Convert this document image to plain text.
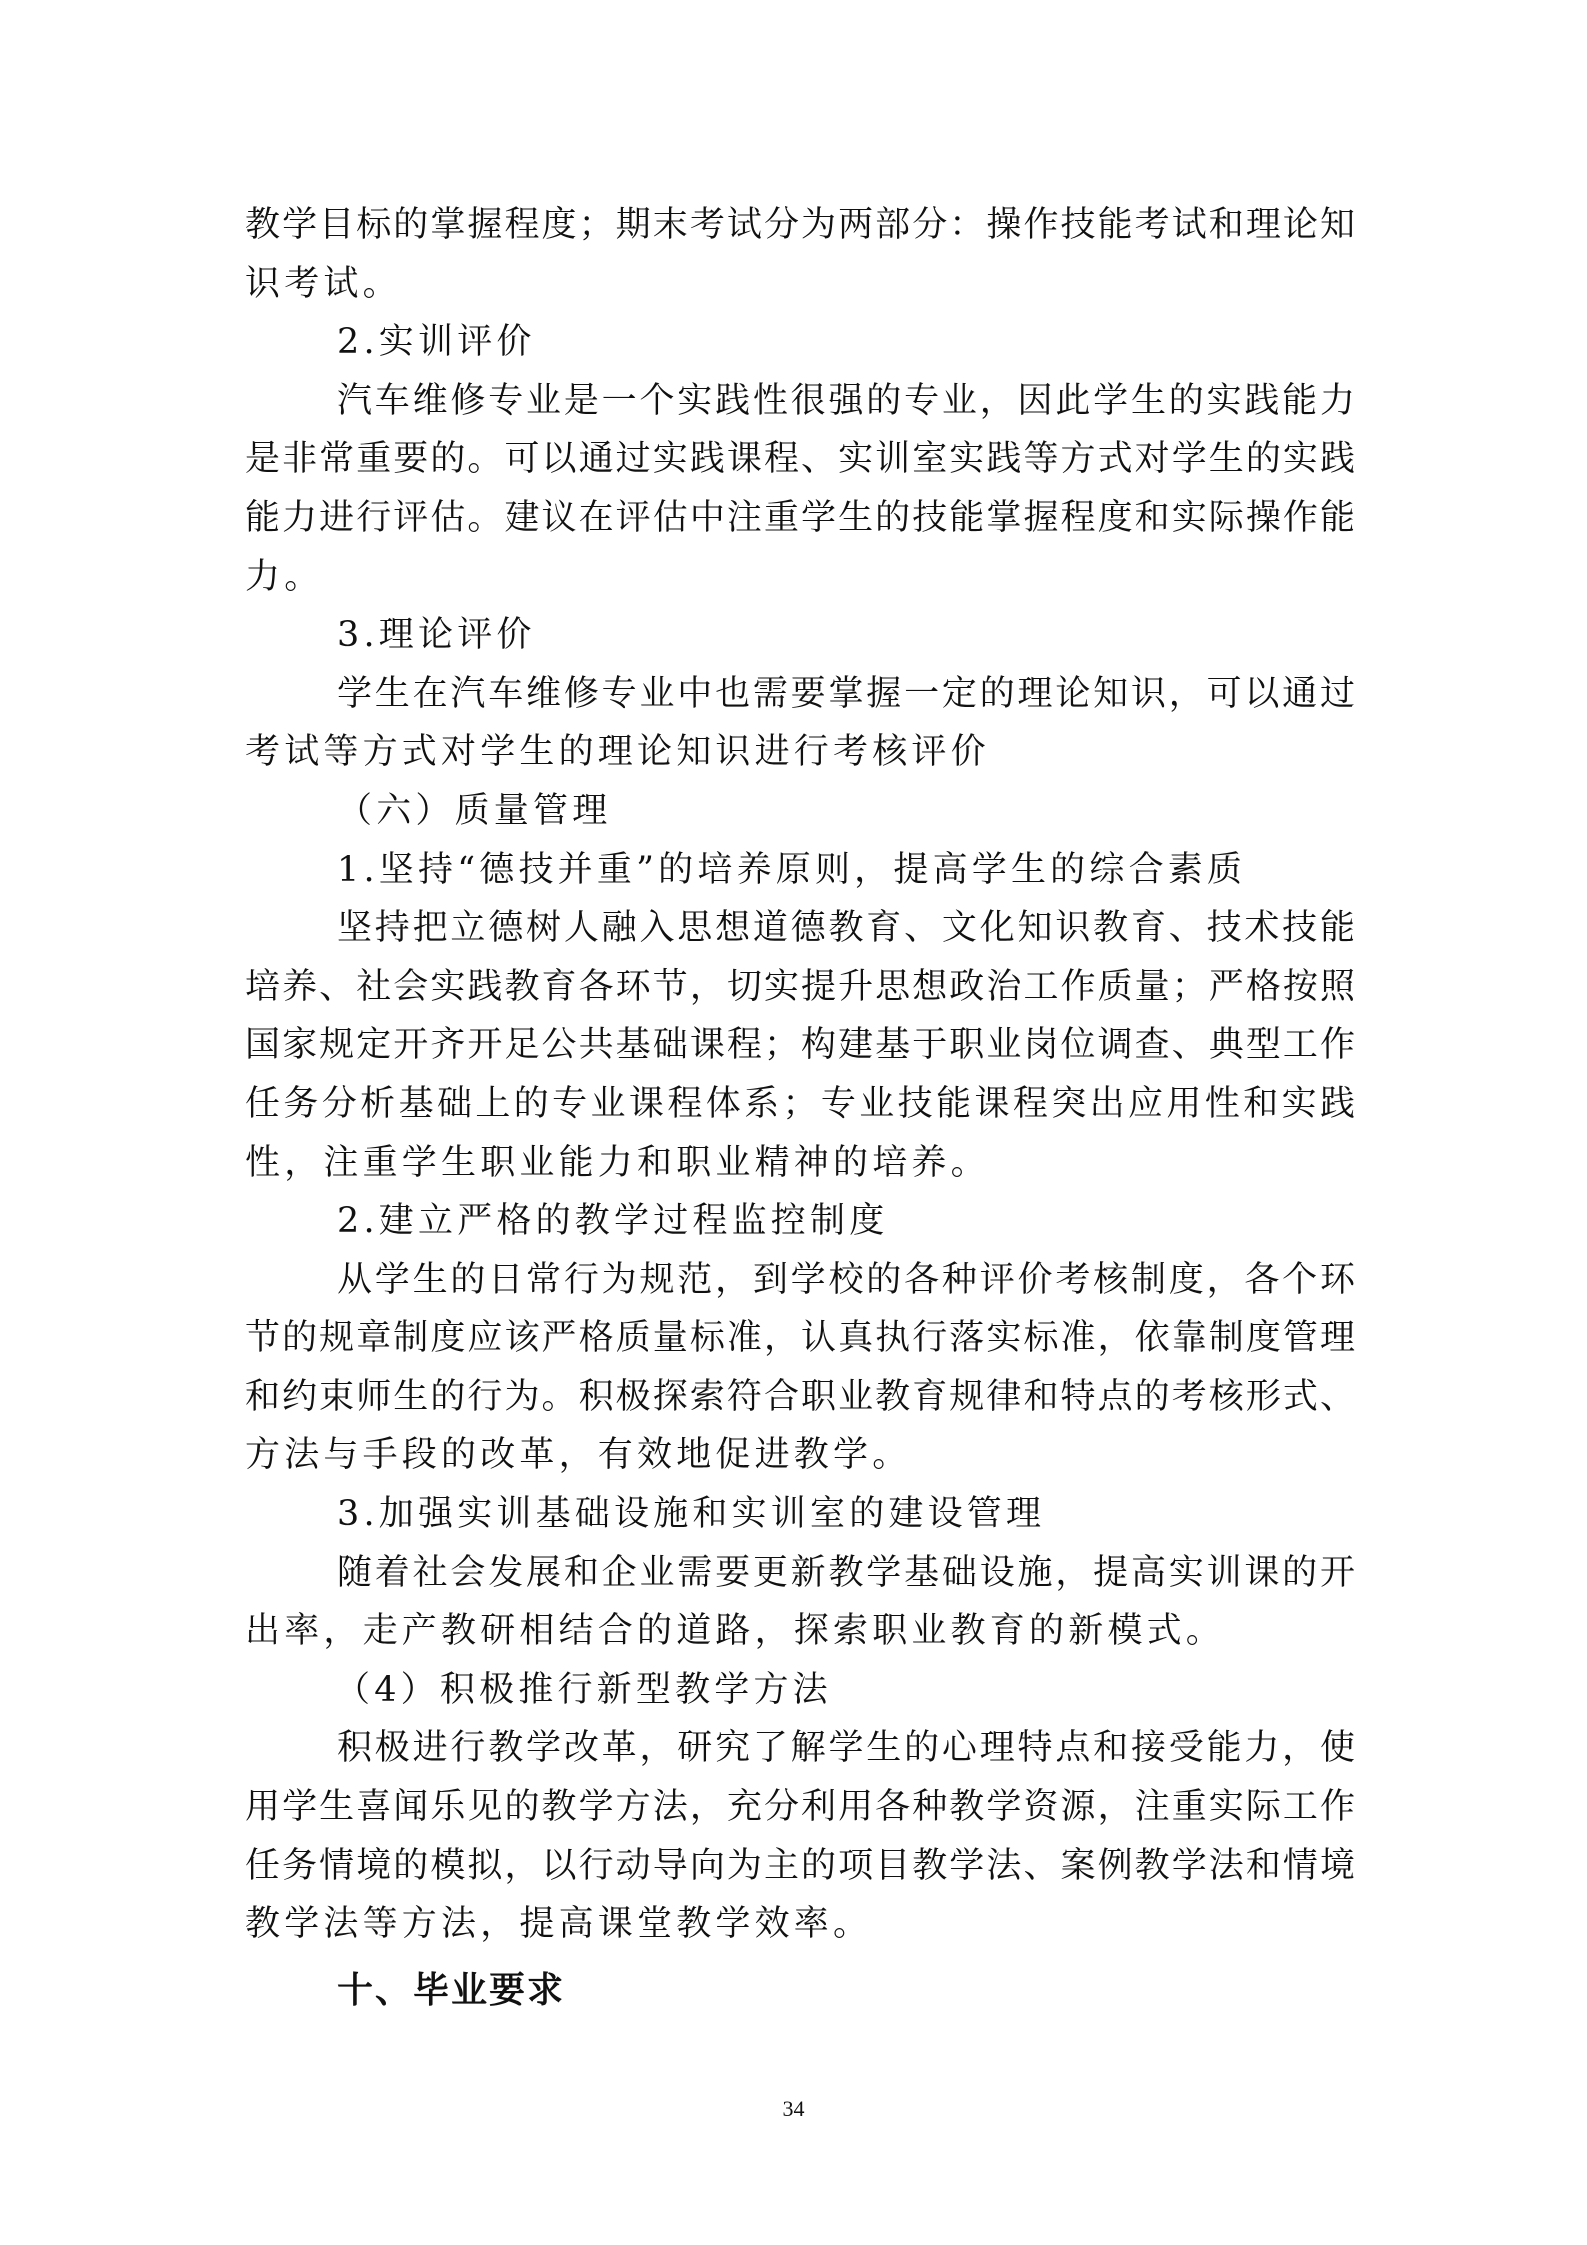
教学目标的掌握程度；期末考试分为两部分：操作技能考试和理论知
识考试。
2.实训评价
汽车维修专业是一个实践性很强的专业，因此学生的实践能力
是非常重要的。可以通过实践课程、实训室实践等方式对学生的实践
能力进行评估。建议在评估中注重学生的技能掌握程度和实际操作能
力。
3.理论评价
学生在汽车维修专业中也需要掌握一定的理论知识，可以通过
考试等方式对学生的理论知识进行考核评价
（六）质量管理
1.坚持“德技并重”的培养原则，提高学生的综合素质
坚持把立德树人融入思想道德教育、文化知识教育、技术技能
培养、社会实践教育各环节，切实提升思想政治工作质量；严格按照
国家规定开齐开足公共基础课程；构建基于职业岗位调查、典型工作
任务分析基础上的专业课程体系；专业技能课程突出应用性和实践
性，注重学生职业能力和职业精神的培养。
2.建立严格的教学过程监控制度
从学生的日常行为规范，到学校的各种评价考核制度，各个环
节的规章制度应该严格质量标准，认真执行落实标准，依靠制度管理
和约束师生的行为。积极探索符合职业教育规律和特点的考核形式、
方法与手段的改革，有效地促进教学。
3.加强实训基础设施和实训室的建设管理
随着社会发展和企业需要更新教学基础设施，提高实训课的开
出率，走产教研相结合的道路，探索职业教育的新模式。
（4）积极推行新型教学方法
积极进行教学改革，研究了解学生的心理特点和接受能力，使
用学生喜闻乐见的教学方法，充分利用各种教学资源，注重实际工作
任务情境的模拟，以行动导向为主的项目教学法、案例教学法和情境
教学法等方法，提高课堂教学效率。
十、毕业要求
34
